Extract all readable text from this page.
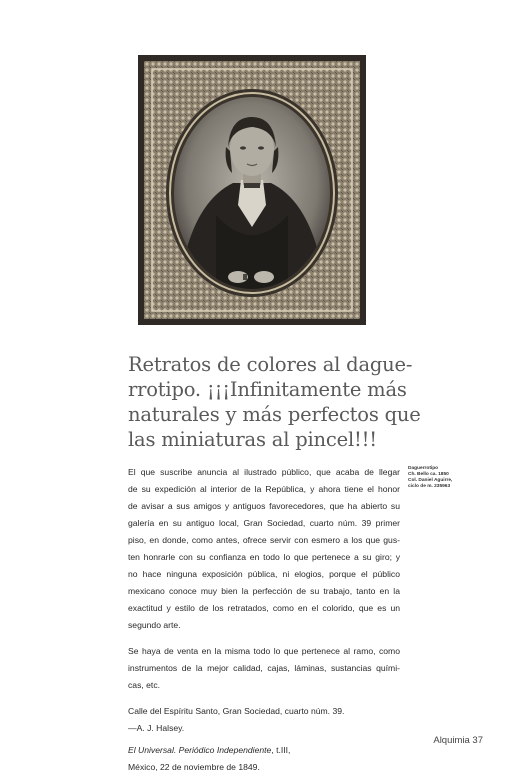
Retratos de colores al dague-
rrotipo. ¡¡¡Infinitamente más
naturales y más perfectos que
las miniaturas al pincel!!!
Daguerrotipo
Ch. Bello ca. 1850
Col. Daniel Aguirre,
ciclo de m. 235963

El que suscribe anuncia al ilustrado público, que acaba de llegar
de su expedición al interior de la República, y ahora tiene el honor
de avisar a sus amigos y antiguos favorecedores, que ha abierto su
galería en su antiguo local, Gran Sociedad, cuarto núm. 39 primer
piso, en donde, como antes, ofrece servir con esmero a los que gus-
ten honrarle con su confianza en todo lo que pertenece a su giro; y
no hace ninguna exposición pública, ni elogios, porque el público
mexicano conoce muy bien la perfección de su trabajo, tanto en la
exactitud y estilo de los retratados, como en el colorido, que es un
segundo arte.

Se haya de venta en la misma todo lo que pertenece al ramo, como
instrumentos de la mejor calidad, cajas, láminas, sustancias quími-
cas, etc.

Calle del Espíritu Santo, Gran Sociedad, cuarto núm. 39.
—A. J. Halsey.

El Universal. Periódico Independiente, t.III,
México, 22 de noviembre de 1849.

Alquimia 37
